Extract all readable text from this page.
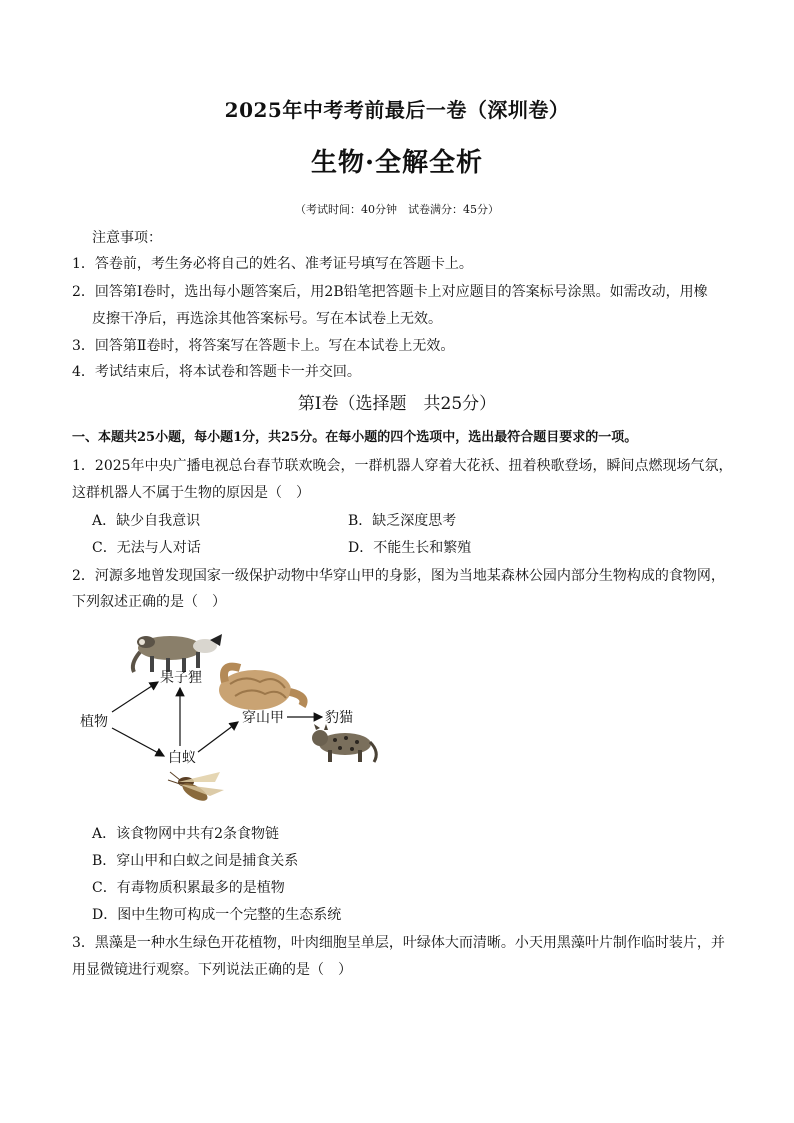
2025年中考考前最后一卷（深圳卷）
生物·全解全析
（考试时间：40分钟　试卷满分：45分）
注意事项：
1．答卷前，考生务必将自己的姓名、准考证号填写在答题卡上。
2．回答第Ⅰ卷时，选出每小题答案后，用2B铅笔把答题卡上对应题目的答案标号涂黑。如需改动，用橡
皮擦干净后，再选涂其他答案标号。写在本试卷上无效。
3．回答第Ⅱ卷时，将答案写在答题卡上。写在本试卷上无效。
4．考试结束后，将本试卷和答题卡一并交回。
第Ⅰ卷（选择题　共25分）
一、本题共25小题，每小题1分，共25分。在每小题的四个选项中，选出最符合题目要求的一项。
1．2025年中央广播电视总台春节联欢晚会，一群机器人穿着大花袄、扭着秧歌登场，瞬间点燃现场气氛，
这群机器人不属于生物的原因是（　）
A．缺少自我意识	B．缺乏深度思考
C．无法与人对话	D．不能生长和繁殖
2．河源多地曾发现国家一级保护动物中华穿山甲的身影，图为当地某森林公园内部分生物构成的食物网，
下列叙述正确的是（　）
植物
果子狸
白蚁
穿山甲	豹猫
A．该食物网中共有2条食物链
B．穿山甲和白蚁之间是捕食关系
C．有毒物质积累最多的是植物
D．图中生物可构成一个完整的生态系统
3．黑藻是一种水生绿色开花植物，叶肉细胞呈单层，叶绿体大而清晰。小天用黑藻叶片制作临时装片，并
用显微镜进行观察。下列说法正确的是（　）
